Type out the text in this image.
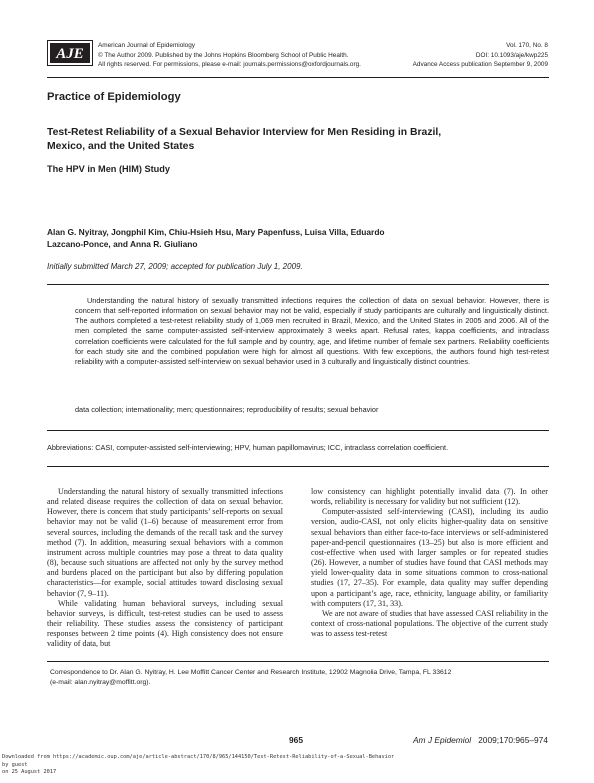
AJE
American Journal of Epidemiology
© The Author 2009. Published by the Johns Hopkins Bloomberg School of Public Health.
All rights reserved. For permissions, please e-mail: journals.permissions@oxfordjournals.org.
Vol. 170, No. 8
DOI: 10.1093/aje/kwp225
Advance Access publication September 9, 2009
Practice of Epidemiology
Test-Retest Reliability of a Sexual Behavior Interview for Men Residing in Brazil,
Mexico, and the United States
The HPV in Men (HIM) Study
Alan G. Nyitray, Jongphil Kim, Chiu-Hsieh Hsu, Mary Papenfuss, Luisa Villa, Eduardo
Lazcano-Ponce, and Anna R. Giuliano
Initially submitted March 27, 2009; accepted for publication July 1, 2009.
Understanding the natural history of sexually transmitted infections requires the collection of data on sexual behavior. However, there is concern that self-reported information on sexual behavior may not be valid, especially if study participants are culturally and linguistically distinct. The authors completed a test-retest reliability study of 1,069 men recruited in Brazil, Mexico, and the United States in 2005 and 2006. All of the men completed the same computer-assisted self-interview approximately 3 weeks apart. Refusal rates, kappa coefficients, and intraclass correlation coefficients were calculated for the full sample and by country, age, and lifetime number of female sex partners. Reliability coefficients for each study site and the combined population were high for almost all questions. With few exceptions, the authors found high test-retest reliability with a computer-assisted self-interview on sexual behavior used in 3 culturally and linguistically distinct countries.
data collection; internationality; men; questionnaires; reproducibility of results; sexual behavior
Abbreviations: CASI, computer-assisted self-interviewing; HPV, human papillomavirus; ICC, intraclass correlation coefficient.

Understanding the natural history of sexually transmitted infections and related disease requires the collection of data on sexual behavior. However, there is concern that study participants’ self-reports on sexual behavior may not be valid (1–6) because of measurement error from several sources, including the demands of the recall task and the survey method (7). In addition, measuring sexual behaviors with a common instrument across multiple countries may pose a threat to data quality (8), because such situations are affected not only by the survey method and burdens placed on the participant but also by differing population characteristics—for example, social attitudes toward disclosing sexual behavior (7, 9–11).

While validating human behavioral surveys, including sexual behavior surveys, is difficult, test-retest studies can be used to assess their reliability. These studies assess the consistency of participant responses between 2 time points (4). High consistency does not ensure validity of data, but

low consistency can highlight potentially invalid data (7). In other words, reliability is necessary for validity but not sufficient (12).

Computer-assisted self-interviewing (CASI), including its audio version, audio-CASI, not only elicits higher-quality data on sensitive sexual behaviors than either face-to-face interviews or self-administered paper-and-pencil questionnaires (13–25) but also is more efficient and cost-effective when used with larger samples or for repeated studies (26). However, a number of studies have found that CASI methods may yield lower-quality data in some situations common to cross-national studies (17, 27–35). For example, data quality may suffer depending upon a participant’s age, race, ethnicity, language ability, or familiarity with computers (17, 31, 33).

We are not aware of studies that have assessed CASI reliability in the context of cross-national populations. The objective of the current study was to assess test-retest

Correspondence to Dr. Alan G. Nyitray, H. Lee Moffitt Cancer Center and Research Institute, 12902 Magnolia Drive, Tampa, FL 33612
(e-mail: alan.nyitray@moffitt.org).
965	Am J Epidemiol 2009;170:965–974
Downloaded from https://academic.oup.com/aje/article-abstract/170/8/965/144150/Test-Retest-Reliability-of-a-Sexual-Behavior
by guest
on 25 August 2017
